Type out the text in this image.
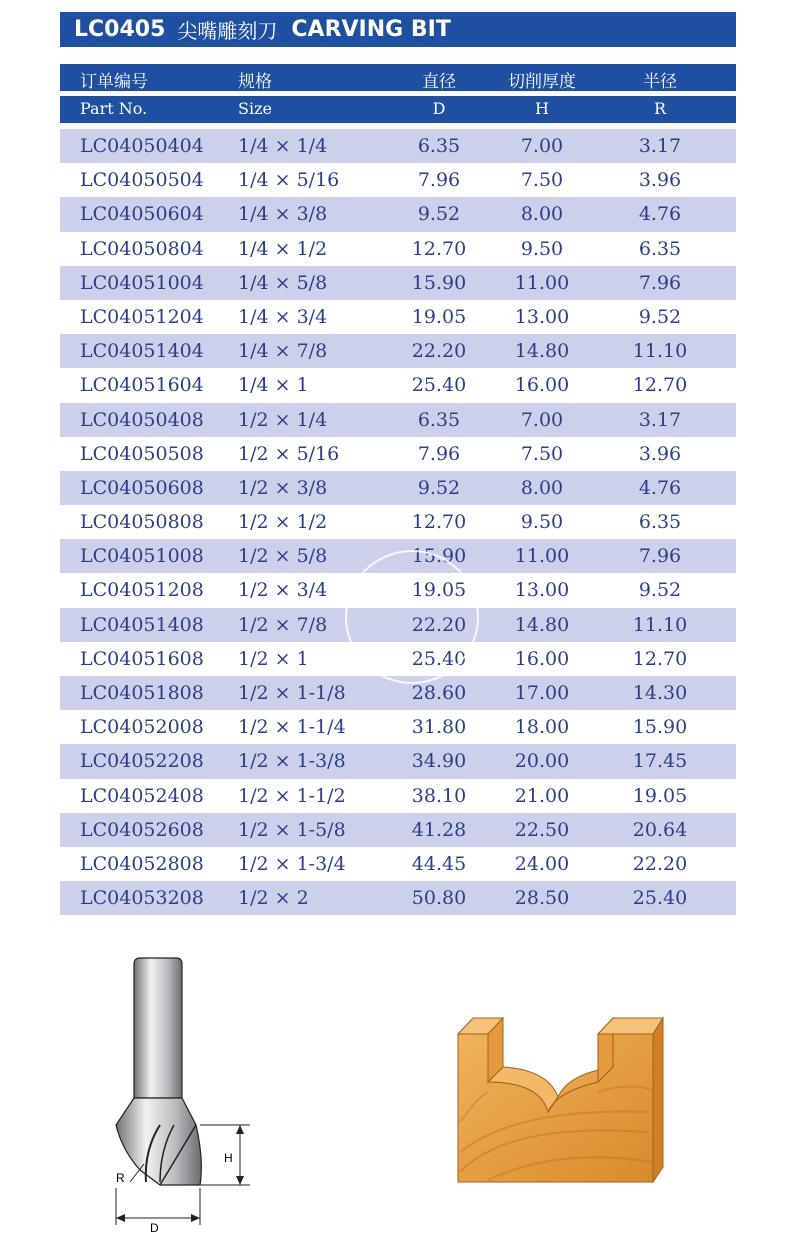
LC0405 尖嘴雕刻刀 CARVING BIT
订单编号	规格	直径	切削厚度	半径
Part No.	Size	D	H	R
LC04050404 1/4 × 1/4	6.35	7.00	3.17
LC04050504 1/4 × 5/16	7.96	7.50	3.96
LC04050604 1/4 × 3/8	9.52	8.00	4.76
LC04050804 1/4 × 1/2	12.70	9.50	6.35
LC04051004 1/4 × 5/8	15.90	11.00	7.96
LC04051204 1/4 × 3/4	19.05	13.00	9.52
LC04051404 1/4 × 7/8	22.20	14.80	11.10
LC04051604 1/4 × 1	25.40	16.00	12.70
LC04050408 1/2 × 1/4	6.35	7.00	3.17
LC04050508 1/2 × 5/16	7.96	7.50	3.96
LC04050608 1/2 × 3/8	9.52	8.00	4.76
LC04050808 1/2 × 1/2	12.70	9.50	6.35
LC04051008 1/2 × 5/8	15.90	11.00	7.96
LC04051208 1/2 × 3/4	19.05	13.00	9.52
LC04051408 1/2 × 7/8	22.20	14.80	11.10
LC04051608 1/2 × 1	25.40	16.00	12.70
LC04051808 1/2 × 1-1/8	28.60	17.00	14.30
LC04052008 1/2 × 1-1/4	31.80	18.00	15.90
LC04052208 1/2 × 1-3/8	34.90	20.00	17.45
LC04052408 1/2 × 1-1/2	38.10	21.00	19.05
LC04052608 1/2 × 1-5/8	41.28	22.50	20.64
LC04052808 1/2 × 1-3/4	44.45	24.00	22.20
LC04053208 1/2 × 2	50.80	28.50	25.40
R
H
D
